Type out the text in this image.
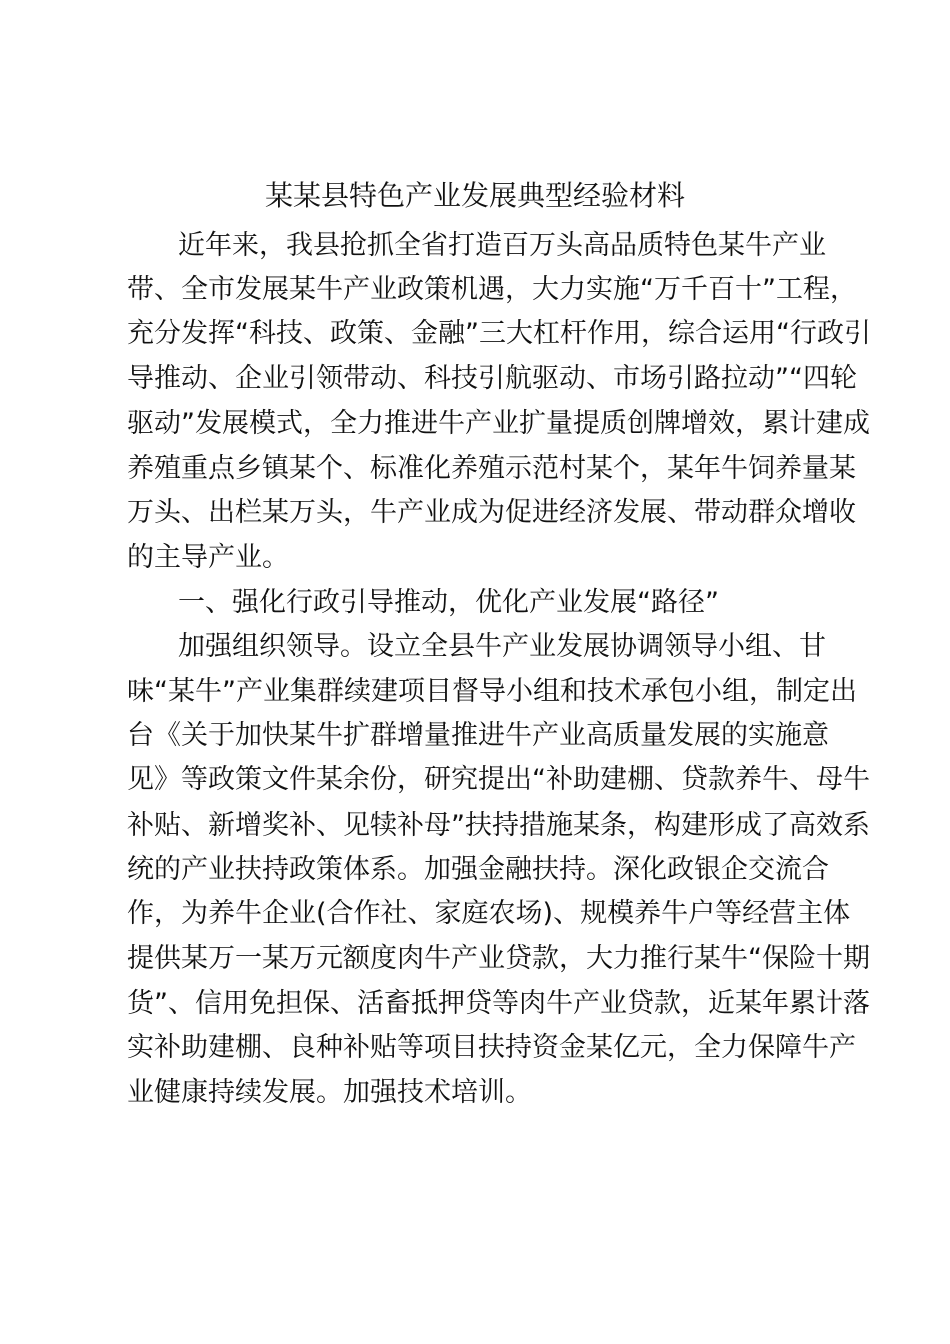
某某县特色产业发展典型经验材料
近年来，我县抢抓全省打造百万头高品质特色某牛产业
带、全市发展某牛产业政策机遇，大力实施“万千百十”工程，
充分发挥“科技、政策、金融”三大杠杆作用，综合运用“行政引
导推动、企业引领带动、科技引航驱动、市场引路拉动”“四轮
驱动”发展模式，全力推进牛产业扩量提质创牌增效，累计建成
养殖重点乡镇某个、标准化养殖示范村某个，某年牛饲养量某
万头、出栏某万头，牛产业成为促进经济发展、带动群众增收
的主导产业。
一、强化行政引导推动，优化产业发展“路径”
加强组织领导。设立全县牛产业发展协调领导小组、甘
味“某牛”产业集群续建项目督导小组和技术承包小组，制定出
台《关于加快某牛扩群增量推进牛产业高质量发展的实施意
见》等政策文件某余份，研究提出“补助建棚、贷款养牛、母牛
补贴、新增奖补、见犊补母”扶持措施某条，构建形成了高效系
统的产业扶持政策体系。加强金融扶持。深化政银企交流合
作，为养牛企业(合作社、家庭农场)、规模养牛户等经营主体
提供某万一某万元额度肉牛产业贷款，大力推行某牛“保险十期
货”、信用免担保、活畜抵押贷等肉牛产业贷款，近某年累计落
实补助建棚、良种补贴等项目扶持资金某亿元，全力保障牛产
业健康持续发展。加强技术培训。
